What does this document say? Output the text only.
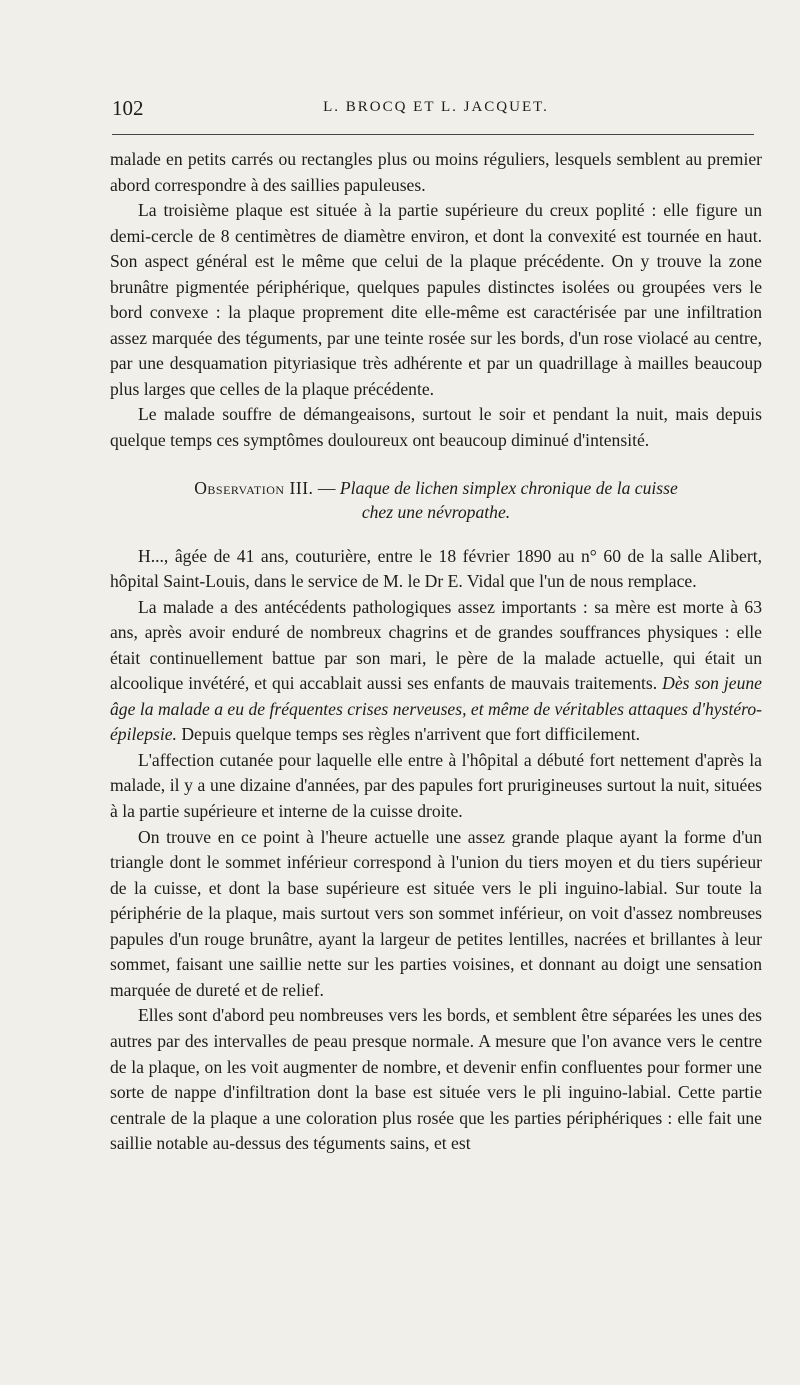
102	L. BROCQ ET L. JACQUET.

malade en petits carrés ou rectangles plus ou moins réguliers, lesquels semblent au premier abord correspondre à des saillies papuleuses.

La troisième plaque est située à la partie supérieure du creux poplité : elle figure un demi-cercle de 8 centimètres de diamètre environ, et dont la convexité est tournée en haut. Son aspect général est le même que celui de la plaque précédente. On y trouve la zone brunâtre pigmentée périphérique, quelques papules distinctes isolées ou groupées vers le bord convexe : la plaque proprement dite elle-même est caractérisée par une infiltration assez marquée des téguments, par une teinte rosée sur les bords, d'un rose violacé au centre, par une desquamation pityriasique très adhérente et par un quadrillage à mailles beaucoup plus larges que celles de la plaque précédente.

Le malade souffre de démangeaisons, surtout le soir et pendant la nuit, mais depuis quelque temps ces symptômes douloureux ont beaucoup diminué d'intensité.

Observation III. — Plaque de lichen simplex chronique de la cuisse
chez une névropathe.

H..., âgée de 41 ans, couturière, entre le 18 février 1890 au n° 60 de la salle Alibert, hôpital Saint-Louis, dans le service de M. le Dr E. Vidal que l'un de nous remplace.

La malade a des antécédents pathologiques assez importants : sa mère est morte à 63 ans, après avoir enduré de nombreux chagrins et de grandes souffrances physiques : elle était continuellement battue par son mari, le père de la malade actuelle, qui était un alcoolique invétéré, et qui accablait aussi ses enfants de mauvais traitements. Dès son jeune âge la malade a eu de fréquentes crises nerveuses, et même de véritables attaques d'hystéro-épilepsie. Depuis quelque temps ses règles n'arrivent que fort difficilement.

L'affection cutanée pour laquelle elle entre à l'hôpital a débuté fort nettement d'après la malade, il y a une dizaine d'années, par des papules fort prurigineuses surtout la nuit, situées à la partie supérieure et interne de la cuisse droite.

On trouve en ce point à l'heure actuelle une assez grande plaque ayant la forme d'un triangle dont le sommet inférieur correspond à l'union du tiers moyen et du tiers supérieur de la cuisse, et dont la base supérieure est située vers le pli inguino-labial. Sur toute la périphérie de la plaque, mais surtout vers son sommet inférieur, on voit d'assez nombreuses papules d'un rouge brunâtre, ayant la largeur de petites lentilles, nacrées et brillantes à leur sommet, faisant une saillie nette sur les parties voisines, et donnant au doigt une sensation marquée de dureté et de relief.

Elles sont d'abord peu nombreuses vers les bords, et semblent être séparées les unes des autres par des intervalles de peau presque normale. A mesure que l'on avance vers le centre de la plaque, on les voit augmenter de nombre, et devenir enfin confluentes pour former une sorte de nappe d'infiltration dont la base est située vers le pli inguino-labial. Cette partie centrale de la plaque a une coloration plus rosée que les parties périphériques : elle fait une saillie notable au-dessus des téguments sains, et est
